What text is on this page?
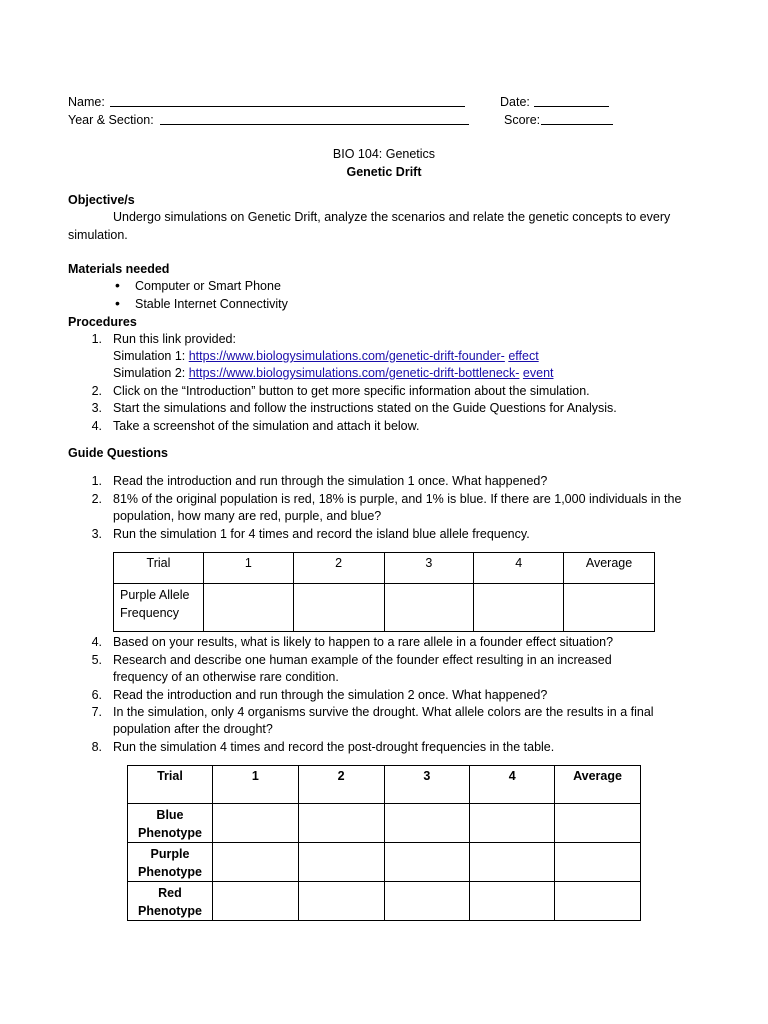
Name:	Date:
Year & Section:	Score:
BIO 104: Genetics
Genetic Drift
Objective/s
Undergo simulations on Genetic Drift, analyze the scenarios and relate the genetic concepts to every
simulation.
Materials needed
• Computer or Smart Phone
• Stable Internet Connectivity
Procedures
1. Run this link provided:
Simulation 1: https://www.biologysimulations.com/genetic-drift-founder- effect
Simulation 2: https://www.biologysimulations.com/genetic-drift-bottleneck- event
2. Click on the “Introduction” button to get more specific information about the simulation.
3. Start the simulations and follow the instructions stated on the Guide Questions for Analysis.
4. Take a screenshot of the simulation and attach it below.
Guide Questions
1. Read the introduction and run through the simulation 1 once. What happened?
2. 81% of the original population is red, 18% is purple, and 1% is blue. If there are 1,000 individuals in the
population, how many are red, purple, and blue?
3. Run the simulation 1 for 4 times and record the island blue allele frequency.
Trial	1	2	3	4	Average
Purple Allele
Frequency					
4. Based on your results, what is likely to happen to a rare allele in a founder effect situation?
5. Research and describe one human example of the founder effect resulting in an increased
frequency of an otherwise rare condition.
6. Read the introduction and run through the simulation 2 once. What happened?
7. In the simulation, only 4 organisms survive the drought. What allele colors are the results in a final
population after the drought?
8. Run the simulation 4 times and record the post-drought frequencies in the table.
Trial	1	2	3	4	Average
Blue
Phenotype					
Purple
Phenotype					
Red
Phenotype					
